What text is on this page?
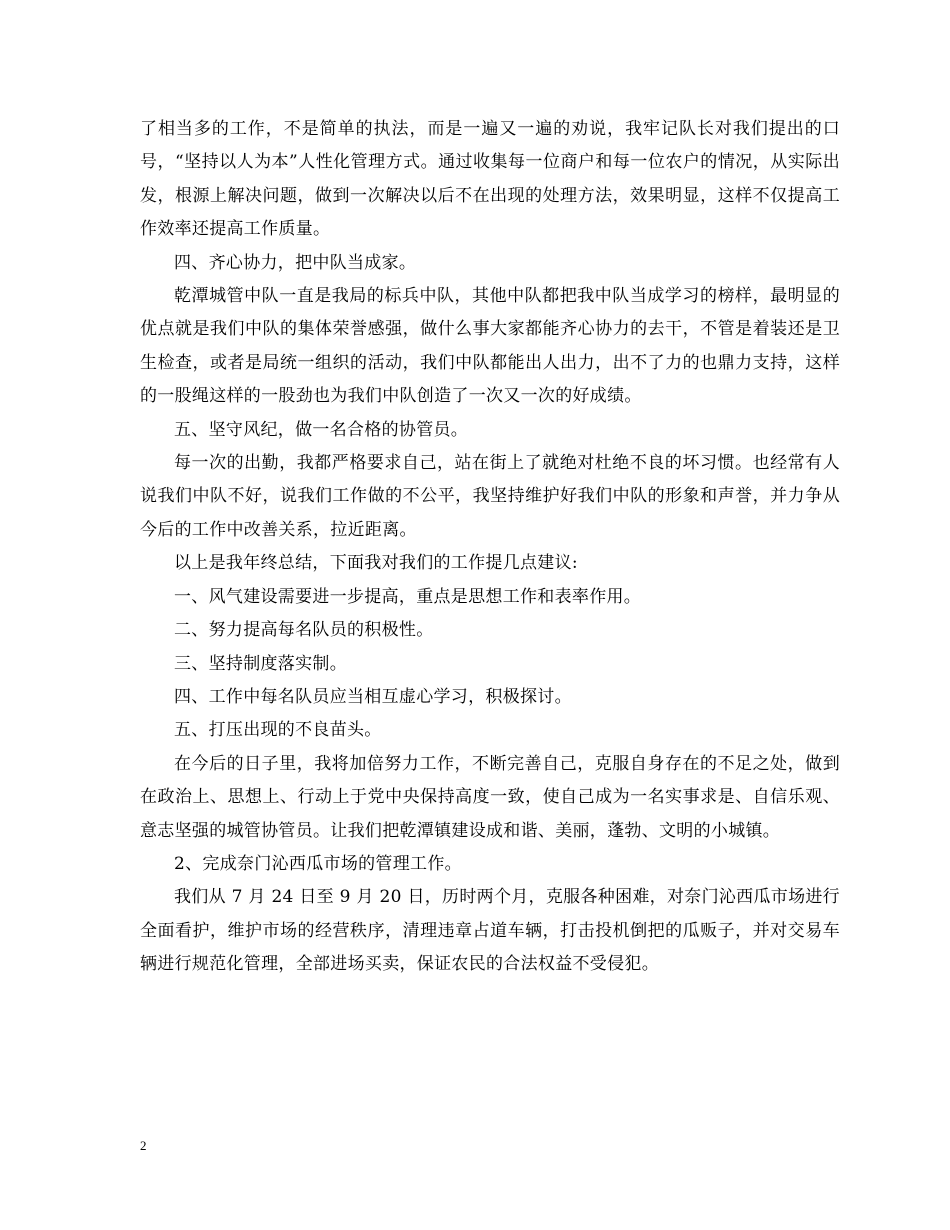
了相当多的工作，不是简单的执法，而是一遍又一遍的劝说，我牢记队长对我们提出的口号，“坚持以人为本”人性化管理方式。通过收集每一位商户和每一位农户的情况，从实际出发，根源上解决问题，做到一次解决以后不在出现的处理方法，效果明显，这样不仅提高工作效率还提高工作质量。

四、齐心协力，把中队当成家。

乾潭城管中队一直是我局的标兵中队，其他中队都把我中队当成学习的榜样，最明显的优点就是我们中队的集体荣誉感强，做什么事大家都能齐心协力的去干，不管是着装还是卫生检查，或者是局统一组织的活动，我们中队都能出人出力，出不了力的也鼎力支持，这样的一股绳这样的一股劲也为我们中队创造了一次又一次的好成绩。

五、坚守风纪，做一名合格的协管员。

每一次的出勤，我都严格要求自己，站在街上了就绝对杜绝不良的坏习惯。也经常有人说我们中队不好，说我们工作做的不公平，我坚持维护好我们中队的形象和声誉，并力争从今后的工作中改善关系，拉近距离。

以上是我年终总结，下面我对我们的工作提几点建议:

一、风气建设需要进一步提高，重点是思想工作和表率作用。

二、努力提高每名队员的积极性。

三、坚持制度落实制。

四、工作中每名队员应当相互虚心学习，积极探讨。

五、打压出现的不良苗头。

在今后的日子里，我将加倍努力工作，不断完善自己，克服自身存在的不足之处，做到在政治上、思想上、行动上于党中央保持高度一致，使自己成为一名实事求是、自信乐观、意志坚强的城管协管员。让我们把乾潭镇建设成和谐、美丽，蓬勃、文明的小城镇。

2、完成奈门沁西瓜市场的管理工作。

我们从 7 月 24 日至 9 月 20 日，历时两个月，克服各种困难，对奈门沁西瓜市场进行全面看护，维护市场的经营秩序，清理违章占道车辆，打击投机倒把的瓜贩子，并对交易车辆进行规范化管理，全部进场买卖，保证农民的合法权益不受侵犯。

2
